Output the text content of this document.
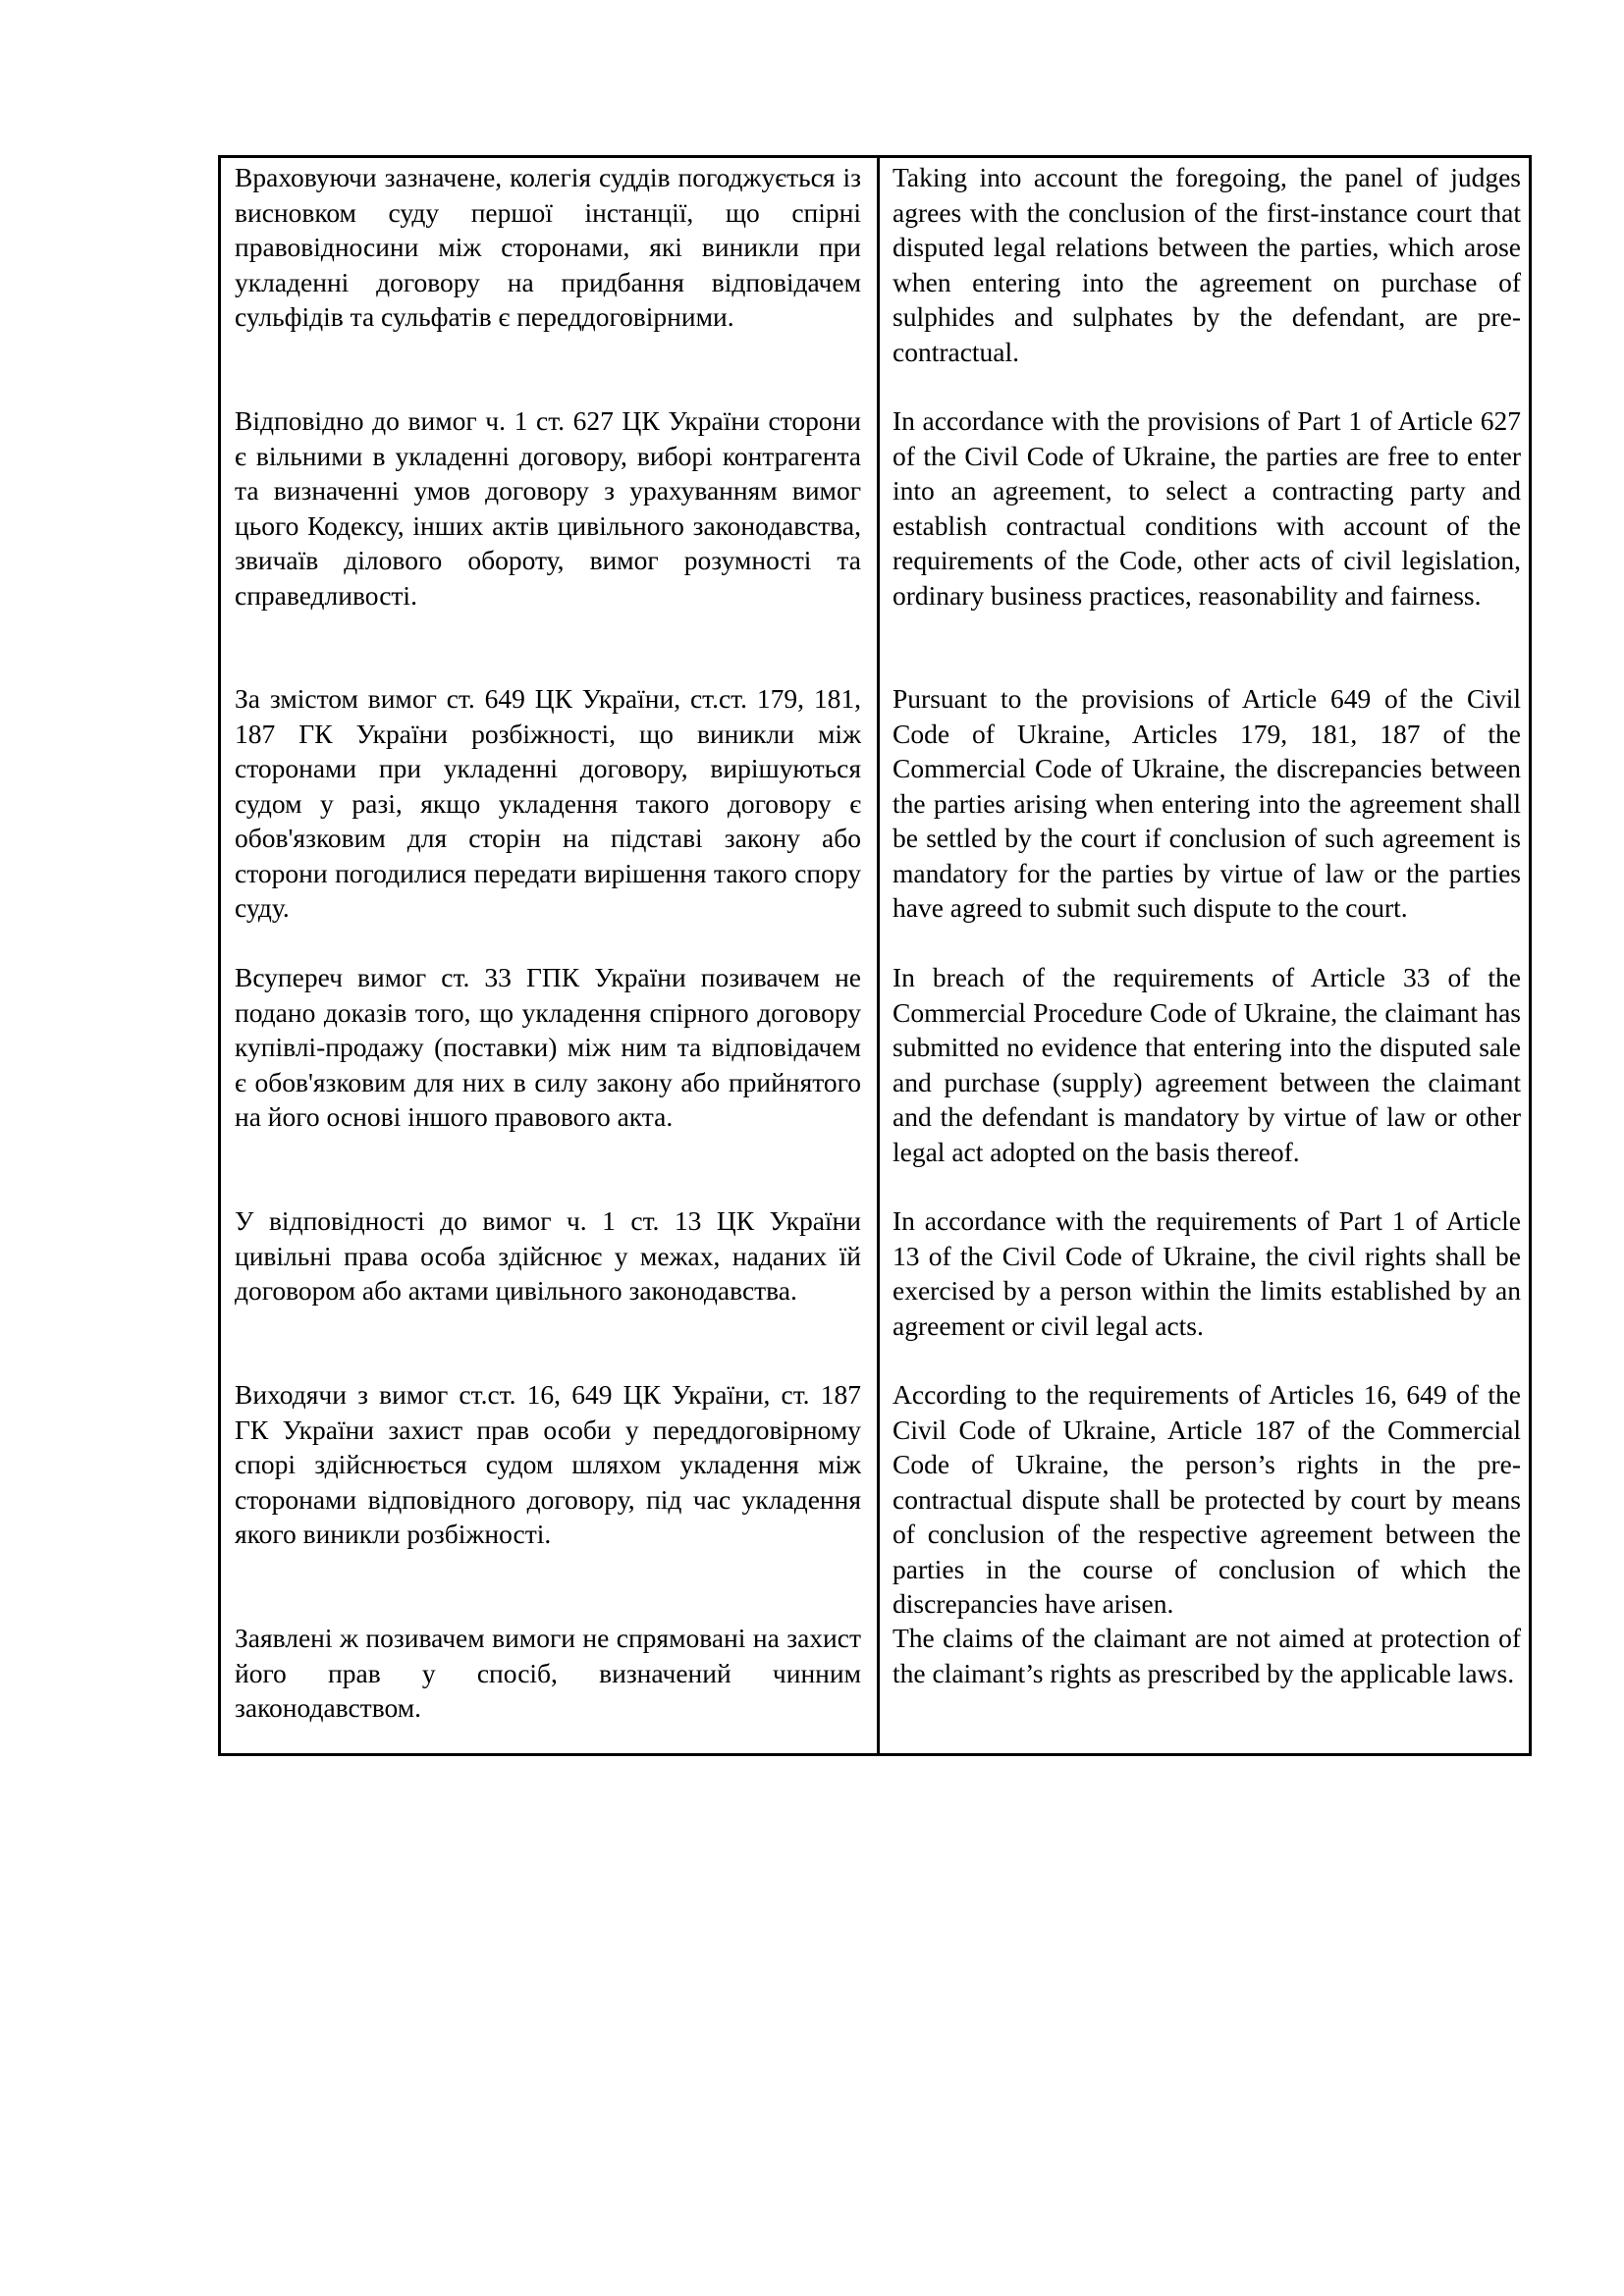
Враховуючи зазначене, колегія суддів погоджується із висновком суду першої інстанції, що спірні правовідносини між сторонами, які виникли при укладенні договору на придбання відповідачем сульфідів та сульфатів є переддоговірними.

Відповідно до вимог ч. 1 ст. 627 ЦК України сторони є вільними в укладенні договору, виборі контрагента та визначенні умов договору з урахуванням вимог цього Кодексу, інших актів цивільного законодавства, звичаїв ділового обороту, вимог розумності та справедливості.

За змістом вимог ст. 649 ЦК України, ст.ст. 179, 181, 187 ГК України розбіжності, що виникли між сторонами при укладенні договору, вирішуються судом у разі, якщо укладення такого договору є обов'язковим для сторін на підставі закону або сторони погодилися передати вирішення такого спору суду.

Всупереч вимог ст. 33 ГПК України позивачем не подано доказів того, що укладення спірного договору купівлі-продажу (поставки) між ним та відповідачем є обов'язковим для них в силу закону або прийнятого на його основі іншого правового акта.

У відповідності до вимог ч. 1 ст. 13 ЦК України цивільні права особа здійснює у межах, наданих їй договором або актами цивільного законодавства.

Виходячи з вимог ст.ст. 16, 649 ЦК України, ст. 187 ГК України захист прав особи у переддоговірному спорі здійснюється судом шляхом укладення між сторонами відповідного договору, під час укладення якого виникли розбіжності.

Заявлені ж позивачем вимоги не спрямовані на захист його прав у спосіб, визначений чинним законодавством.

Taking into account the foregoing, the panel of judges agrees with the conclusion of the first-instance court that disputed legal relations between the parties, which arose when entering into the agreement on purchase of sulphides and sulphates by the defendant, are pre-contractual.

In accordance with the provisions of Part 1 of Article 627 of the Civil Code of Ukraine, the parties are free to enter into an agreement, to select a contracting party and establish contractual conditions with account of the requirements of the Code, other acts of civil legislation, ordinary business practices, reasonability and fairness.

Pursuant to the provisions of Article 649 of the Civil Code of Ukraine, Articles 179, 181, 187 of the Commercial Code of Ukraine, the discrepancies between the parties arising when entering into the agreement shall be settled by the court if conclusion of such agreement is mandatory for the parties by virtue of law or the parties have agreed to submit such dispute to the court.

In breach of the requirements of Article 33 of the Commercial Procedure Code of Ukraine, the claimant has submitted no evidence that entering into the disputed sale and purchase (supply) agreement between the claimant and the defendant is mandatory by virtue of law or other legal act adopted on the basis thereof.

In accordance with the requirements of Part 1 of Article 13 of the Civil Code of Ukraine, the civil rights shall be exercised by a person within the limits established by an agreement or civil legal acts.

According to the requirements of Articles 16, 649 of the Civil Code of Ukraine, Article 187 of the Commercial Code of Ukraine, the person’s rights in the pre-contractual dispute shall be protected by court by means of conclusion of the respective agreement between the parties in the course of conclusion of which the discrepancies have arisen.

The claims of the claimant are not aimed at protection of the claimant’s rights as prescribed by the applicable laws.
